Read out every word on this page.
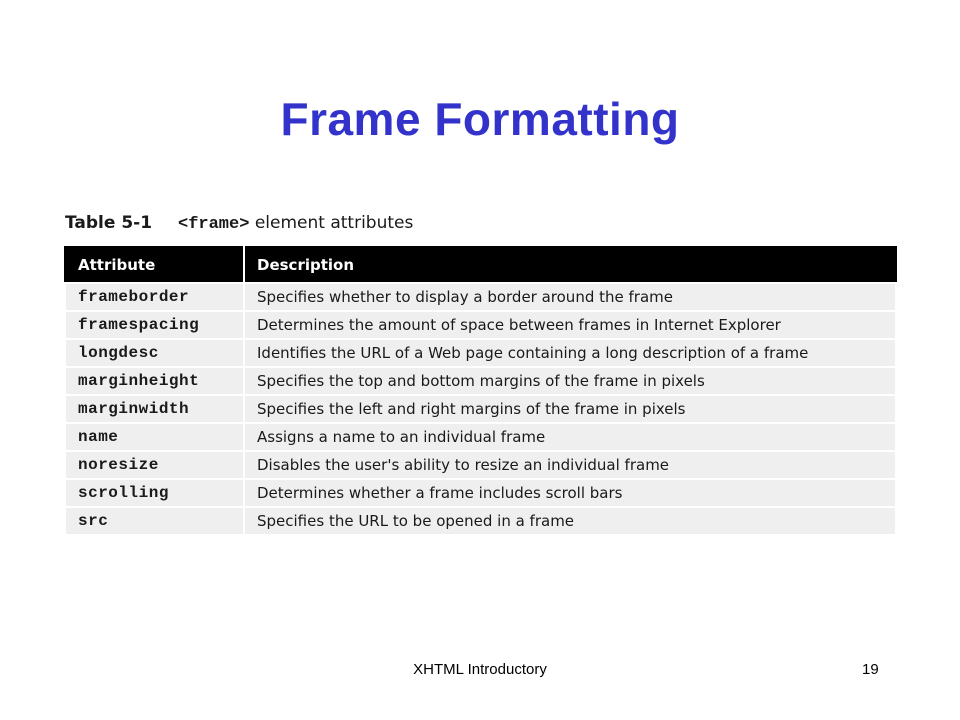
Frame Formatting
Table 5-1 <frame> element attributes
Attribute	Description
frameborder	Specifies whether to display a border around the frame
framespacing	Determines the amount of space between frames in Internet Explorer
longdesc	Identifies the URL of a Web page containing a long description of a frame
marginheight	Specifies the top and bottom margins of the frame in pixels
marginwidth	Specifies the left and right margins of the frame in pixels
name	Assigns a name to an individual frame
noresize	Disables the user's ability to resize an individual frame
scrolling	Determines whether a frame includes scroll bars
src	Specifies the URL to be opened in a frame
XHTML Introductory	19
